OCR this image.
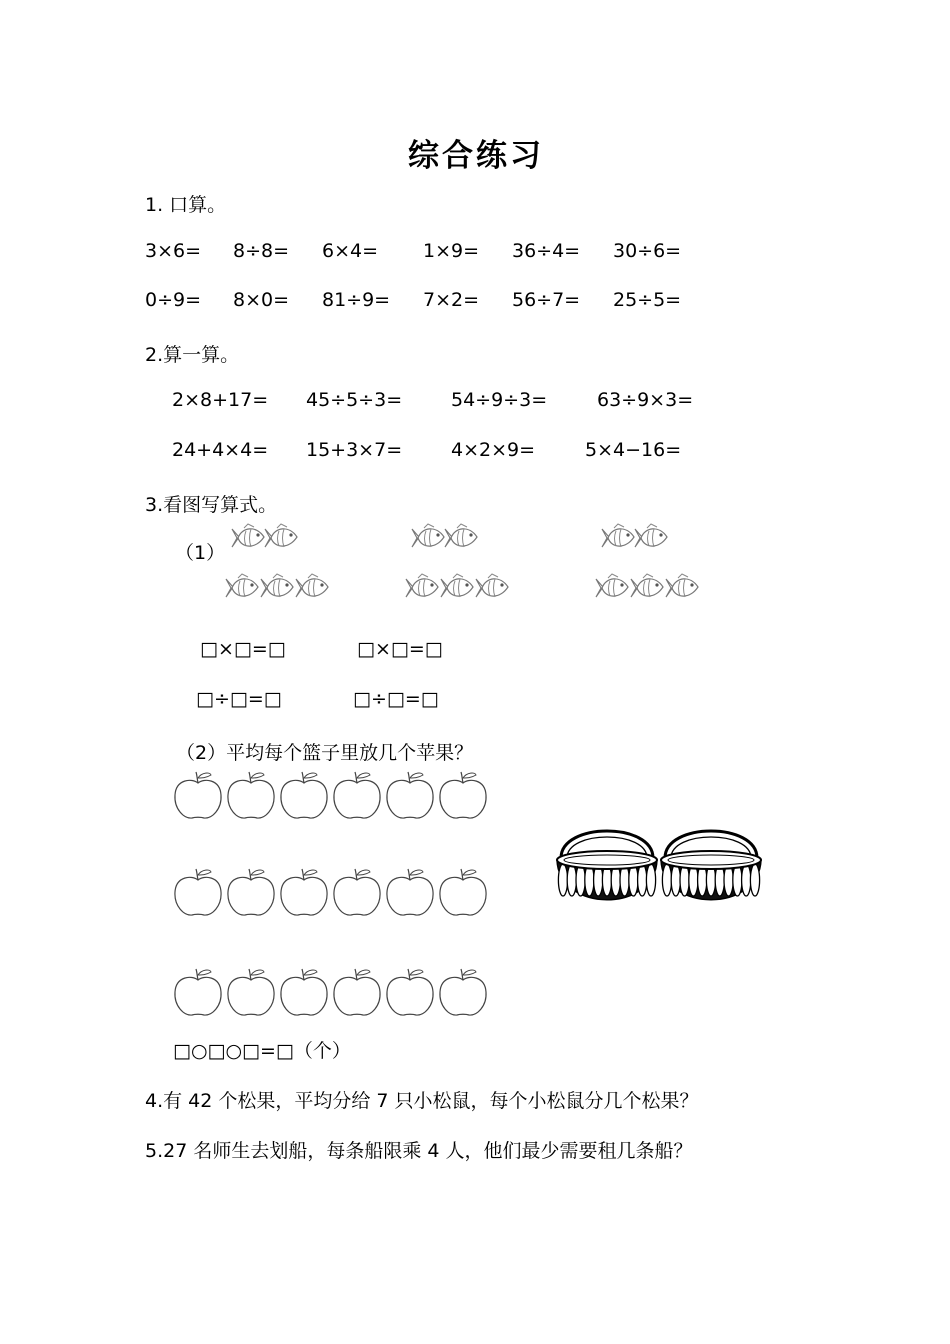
综合练习
1. 口算。
3×6= 8÷8= 6×4= 1×9= 36÷4= 30÷6=
0÷9= 8×0= 81÷9= 7×2= 56÷7= 25÷5=
2.算一算。
2×8+17= 45÷5÷3=	54÷9÷3=	63÷9×3=
24+4×4= 15+3×7=	4×2×9=	5×4−16=
3.看图写算式。
（1）
□×□=□	□×□=□
□÷□=□	□÷□=□
（2）平均每个篮子里放几个苹果？
□○□○□=□（个）
4.有 42 个松果，平均分给 7 只小松鼠，每个小松鼠分几个松果？
5.27 名师生去划船，每条船限乘 4 人，他们最少需要租几条船？
